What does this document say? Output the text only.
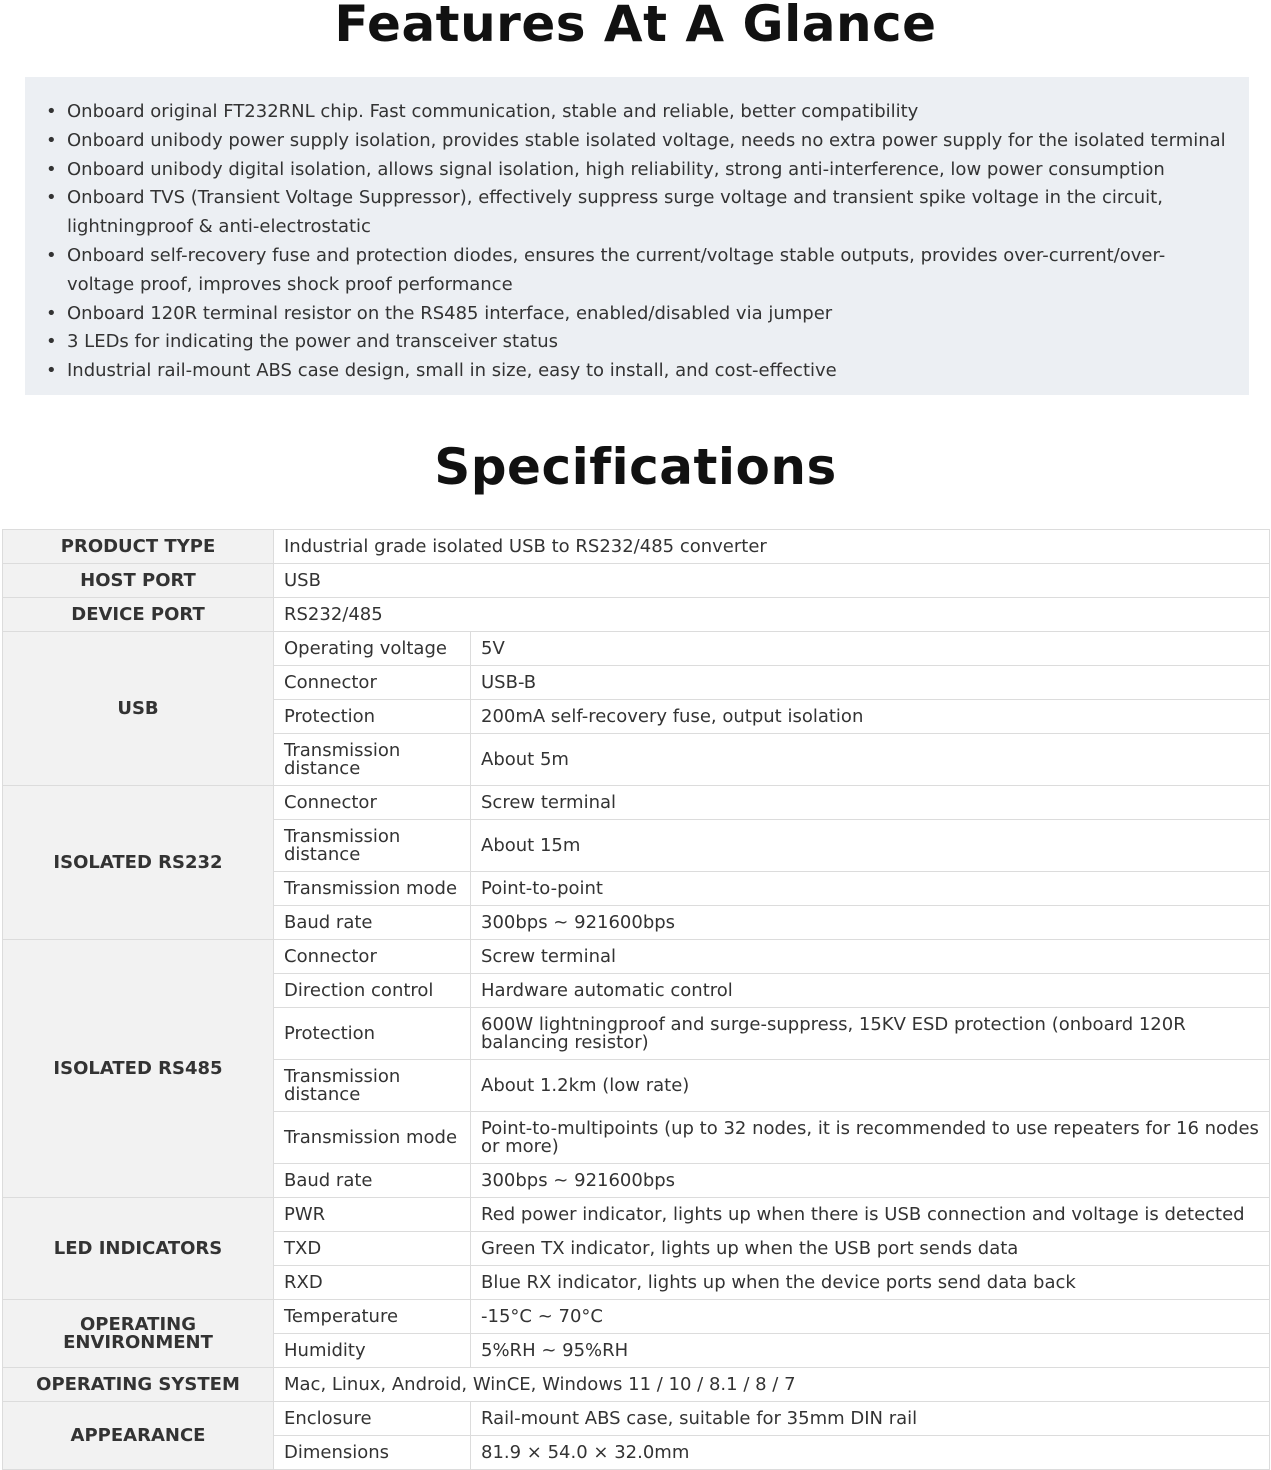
Features At A Glance
• Onboard original FT232RNL chip. Fast communication, stable and reliable, better compatibility
• Onboard unibody power supply isolation, provides stable isolated voltage, needs no extra power supply for the isolated terminal
• Onboard unibody digital isolation, allows signal isolation, high reliability, strong anti-interference, low power consumption
• Onboard TVS (Transient Voltage Suppressor), effectively suppress surge voltage and transient spike voltage in the circuit, lightningproof & anti-electrostatic
• Onboard self-recovery fuse and protection diodes, ensures the current/voltage stable outputs, provides over-current/over-voltage proof, improves shock proof performance
• Onboard 120R terminal resistor on the RS485 interface, enabled/disabled via jumper
• 3 LEDs for indicating the power and transceiver status
• Industrial rail-mount ABS case design, small in size, easy to install, and cost-effective
Specifications
PRODUCT TYPE	Industrial grade isolated USB to RS232/485 converter	
HOST PORT	USB	
DEVICE PORT	RS232/485	
USB	Operating voltage	5V
	Connector	USB-B
	Protection	200mA self-recovery fuse, output isolation
	Transmission distance	About 5m
ISOLATED RS232	Connector	Screw terminal
	Transmission distance	About 15m
	Transmission mode	Point-to-point
	Baud rate	300bps ~ 921600bps
ISOLATED RS485	Connector	Screw terminal
	Direction control	Hardware automatic control
	Protection	600W lightningproof and surge-suppress, 15KV ESD protection (onboard 120R balancing resistor)
	Transmission distance	About 1.2km (low rate)
	Transmission mode	Point-to-multipoints (up to 32 nodes, it is recommended to use repeaters for 16 nodes or more)
	Baud rate	300bps ~ 921600bps
LED INDICATORS	PWR	Red power indicator, lights up when there is USB connection and voltage is detected
	TXD	Green TX indicator, lights up when the USB port sends data
	RXD	Blue RX indicator, lights up when the device ports send data back
OPERATING ENVIRONMENT	Temperature	-15°C ~ 70°C
	Humidity	5%RH ~ 95%RH
OPERATING SYSTEM	Mac, Linux, Android, WinCE, Windows 11 / 10 / 8.1 / 8 / 7	
APPEARANCE	Enclosure	Rail-mount ABS case, suitable for 35mm DIN rail
	Dimensions	81.9 × 54.0 × 32.0mm
